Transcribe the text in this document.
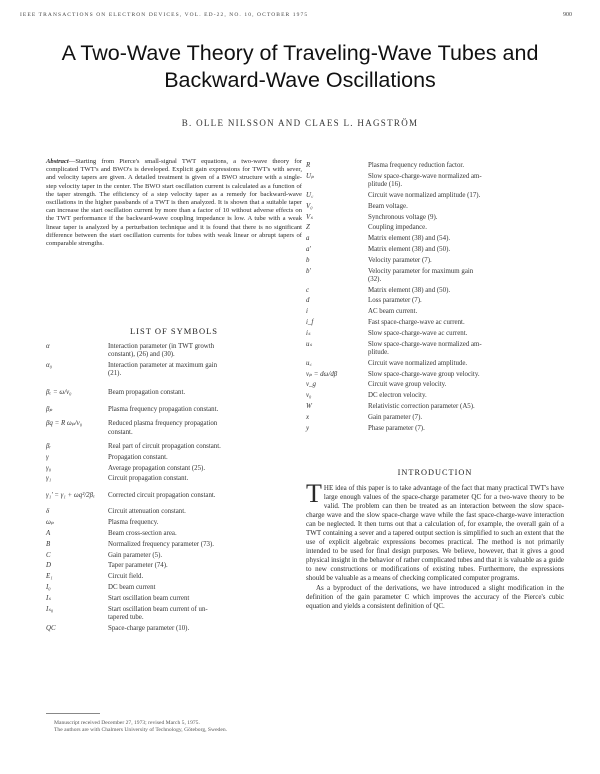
IEEE TRANSACTIONS ON ELECTRON DEVICES, VOL. ED-22, NO. 10, OCTOBER 1975	900
A Two-Wave Theory of Traveling-Wave Tubes and
Backward-Wave Oscillations
B. OLLE NILSSON AND CLAES L. HAGSTRÖM
Abstract—Starting from Pierce's small-signal TWT equations, a two-wave theory for complicated TWT's and BWO's is developed. Explicit gain expressions for TWT's with sever, and velocity tapers are given. A detailed treatment is given of a BWO structure with a single-step velocity taper in the center. The BWO start oscillation current is calculated as a function of the taper strength. The efficiency of a step velocity taper as a remedy for backward-wave oscillations in the higher passbands of a TWT is then analyzed. It is shown that a suitable taper can increase the start oscillation current by more than a factor of 10 without adverse effects on the TWT performance if the backward-wave coupling impedance is low. A tube with a weak linear taper is analyzed by a perturbation technique and it is found that there is no significant difference between the start oscillation currents for tubes with weak linear or abrupt tapers of comparable strengths.
LIST OF SYMBOLS
α	Interaction parameter (in TWT growth
constant), (26) and (30).
α₀	Interaction parameter at maximum gain
(21).
βₑ = ω/v₀	Beam propagation constant.
βₚ	Plasma frequency propagation constant.
βq = R ωₚ/v₀	Reduced plasma frequency propagation
constant.
βᵣ	Real part of circuit propagation constant.
γ	Propagation constant.
γ₀	Average propagation constant (25).
γ₁	Circuit propagation constant.
γ₁' = γ₁ + ωq²/2βₑ	Corrected circuit propagation constant.
δ	Circuit attenuation constant.
ωₚ	Plasma frequency.
A	Beam cross-section area.
B	Normalized frequency parameter (73).
C	Gain parameter (5).
D	Taper parameter (74).
E₁	Circuit field.
I₀	DC beam current
Iₛ	Start oscillation beam current
Iₛ₀	Start oscillation beam current of un-
tapered tube.
QC	Space-charge parameter (10).
R	Plasma frequency reduction factor.
Uₚ	Slow space-charge-wave normalized am-
plitude (16).
U꜀	Circuit wave normalized amplitude (17).
V₀	Beam voltage.
Vₛ	Synchronous voltage (9).
Z	Coupling impedance.
a	Matrix element (38) and (54).
a'	Matrix element (38) and (50).
b	Velocity parameter (7).
b'	Velocity parameter for maximum gain
(32).
c	Matrix element (38) and (50).
d	Loss parameter (7).
i	AC beam current.
i_f	Fast space-charge-wave ac current.
iₛ	Slow space-charge-wave ac current.
uₛ	Slow space-charge-wave normalized am-
plitude.
u꜀	Circuit wave normalized amplitude.
vₚ = dω/dβ	Slow space-charge-wave group velocity.
v_g	Circuit wave group velocity.
v₀	DC electron velocity.
W	Relativistic correction parameter (A5).
x	Gain parameter (7).
y	Phase parameter (7).
INTRODUCTION

THE idea of this paper is to take advantage of the fact that many practical TWT's have large enough values of the space-charge parameter QC for a two-wave theory to be valid. The problem can then be treated as an interaction between the slow space-charge wave and the slow space-charge wave while the fast space-charge-wave interaction can be neglected. It then turns out that a calculation of, for example, the overall gain of a TWT containing a sever and a tapered output section is simplified to such an extent that the use of explicit algebraic expressions becomes practical. The method is not primarily intended to be used for final design purposes. We believe, however, that it gives a good physical insight in the behavior of rather complicated tubes and that it is valuable as a guide to new constructions or modifications of existing tubes. Furthermore, the expressions should be valuable as a means of checking complicated computer programs.

As a byproduct of the derivations, we have introduced a slight modification in the definition of the gain parameter C which improves the accuracy of the Pierce's cubic equation and yields a consistent definition of QC.

Manuscript received December 27, 1973; revised March 5, 1975.
The authors are with Chalmers University of Technology, Göteborg, Sweden.
